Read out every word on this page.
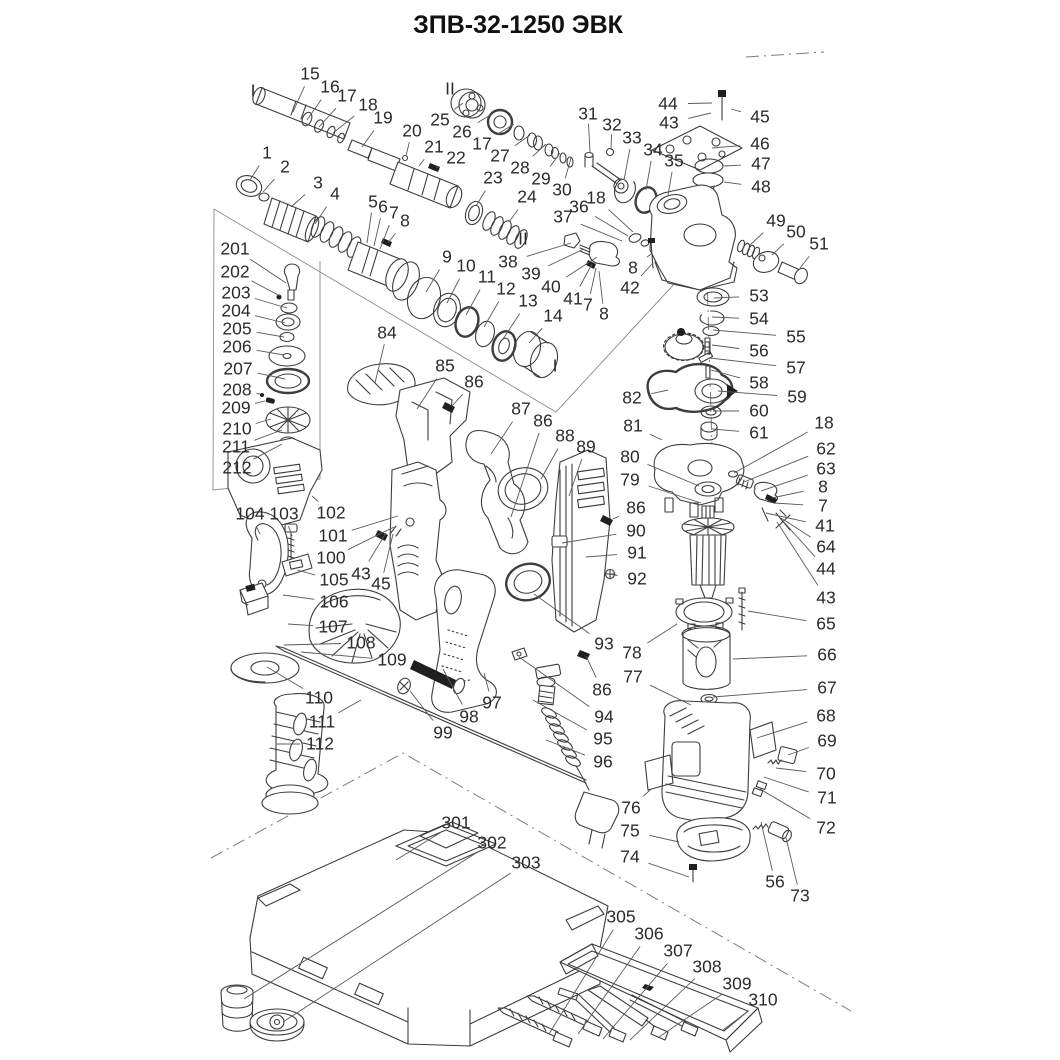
ЗПВ-32-1250 ЭВК
I
15
16
17 18
19
20
21
22
II
25
26
17
27
28
29
30
31
32
33
34
35
44
43	45
46
47
48
49
50
51
1
2
3
4 5 6 7 8
23
24
II
36
37
18
38
39
40
41 7 8
8
42
9 10
11
12
13
14
I
53
54
55
56
57
58
59
60
61
82
81
80
79
18
62
63
8
7
41
64
44
43
65
66
67
68
69
70
71
72
56
73
201
202
203
204
205
206
207
208
209
210
211
212
84
85
86
87
86
88
89
86
90
91
92
93 78
77
86
94
95
96
97
98
99
102
101
100
43 45
104 103
105
106
107
108
109
110
111
112
76
75
74
301
302
303
305
306
307
308
309
310
